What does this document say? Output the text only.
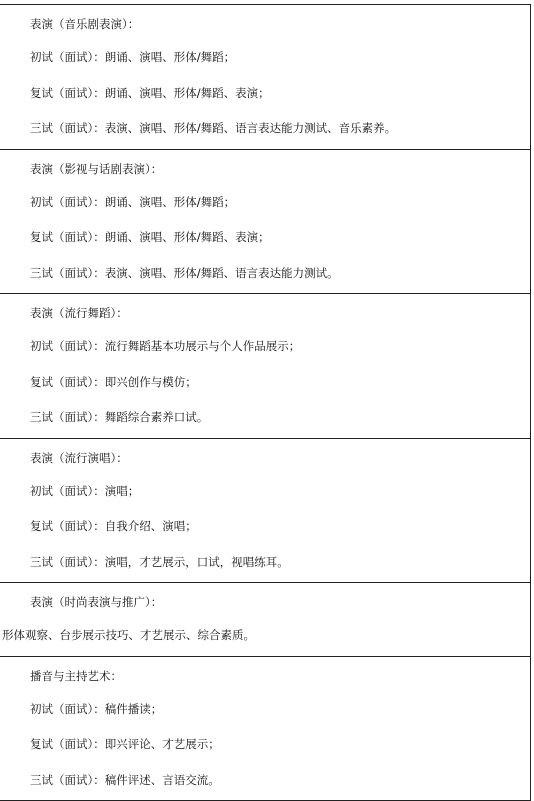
表演（音乐剧表演）：
初试（面试）：朗诵、演唱、形体/舞蹈；
复试（面试）：朗诵、演唱、形体/舞蹈、表演；
三试（面试）：表演、演唱、形体/舞蹈、语言表达能力测试、音乐素养。
表演（影视与话剧表演）：
初试（面试）：朗诵、演唱、形体/舞蹈；
复试（面试）：朗诵、演唱、形体/舞蹈、表演；
三试（面试）：表演、演唱、形体/舞蹈、语言表达能力测试。
表演（流行舞蹈）：
初试（面试）：流行舞蹈基本功展示与个人作品展示；
复试（面试）：即兴创作与模仿；
三试（面试）：舞蹈综合素养口试。
表演（流行演唱）：
初试（面试）：演唱；
复试（面试）：自我介绍、演唱；
三试（面试）：演唱，才艺展示，口试，视唱练耳。
表演（时尚表演与推广）：
形体观察、台步展示技巧、才艺展示、综合素质。
播音与主持艺术：
初试（面试）：稿件播读；
复试（面试）：即兴评论、才艺展示；
三试（面试）：稿件评述、言语交流。
